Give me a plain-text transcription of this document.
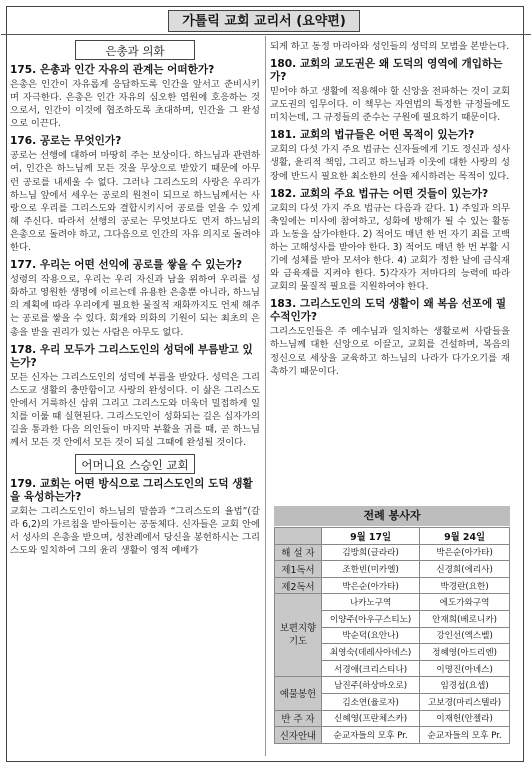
가톨릭 교회 교리서 (요약편)
은총과 의화
175. 은총과 인간 자유의 관계는 어떠한가?

은총은 인간이 자유롭게 응답하도록 인간을 앞서고 준비시키며 자극한다. 은총은 인간 자유의 심오한 염원에 호응하는 것으로서, 인간이 이것에 협조하도록 초대하며, 인간을 그 완성으로 이끈다.

176. 공로는 무엇인가?

공로는 선행에 대하여 마땅히 주는 보상이다. 하느님과 관련하여, 인간은 하느님께 모든 것을 무상으로 받았기 때문에 아무런 공로를 내세울 수 없다. 그러나 그리스도의 사랑은 우리가 하느님 앞에서 세우는 공로의 원천이 되므로 하느님께서는 사랑으로 우리를 그리스도와 결합시키시어 공로를 얻을 수 있게 해 주신다. 따라서 선행의 공로는 무엇보다도 먼저 하느님의 은총으로 돌려야 하고, 그다음으로 인간의 자유 의지로 돌려야 한다.

177. 우리는 어떤 선익에 공로를 쌓을 수 있는가?

성령의 작용으로, 우리는 우리 자신과 남을 위하여 우리를 성화하고 영원한 생명에 이르는데 유용한 은총뿐 아니라, 하느님의 계획에 따라 우리에게 필요한 물질적 재화까지도 언제 해주는 공로를 쌓을 수 있다. 회개와 의화의 기원이 되는 최초의 은총을 받을 권리가 있는 사람은 아무도 없다.

178. 우리 모두가 그리스도인의 성덕에 부름받고 있는가?

모든 신자는 그리스도인의 성덕에 부름을 받았다. 성덕은 그리스도교 생활의 충만함이고 사랑의 완성이다. 이 삶은 그리스도 안에서 거룩하신 삼위 그리고 그리스도와 더욱더 밀접하게 일치를 이룰 때 실현된다. 그리스도인이 성화되는 길은 십자가의 길을 통과한 다음 의인들이 마지막 부활을 귀를 때, 곧 하느님께서 모든 것 안에서 모든 것이 되실 그때에 완성될 것이다.

어머니요 스승인 교회
179. 교회는 어떤 방식으로 그리스도인의 도덕 생활을 육성하는가?

교회는 그리스도인이 하느님의 말씀과 “그리스도의 율법”(갈라 6,2)의 가르침을 받아들이는 공동체다. 신자들은 교회 안에서 성사의 은총을 받으며, 성찬례에서 당신을 봉헌하시는 그리스도와 일치하여 그의 윤리 생활이 영적 예배가

되게 하고 동정 마리아와 성인들의 성덕의 모범을 본받는다.

180. 교회의 교도권은 왜 도덕의 영역에 개입하는가?

믿어야 하고 생활에 적용해야 할 신앙을 전파하는 것이 교회 교도권의 임무이다. 이 책무는 자연법의 특정한 규정들에도 미치는데, 그 규정들의 준수는 구원에 필요하기 때문이다.

181. 교회의 법규들은 어떤 목적이 있는가?

교회의 다섯 가지 주요 법규는 신자들에게 기도 정신과 성사 생활, 윤리적 책임, 그리고 하느님과 이웃에 대한 사랑의 성장에 반드시 필요한 최소한의 선을 제시하려는 목적이 있다.

182. 교회의 주요 법규는 어떤 것들이 있는가?

교회의 다섯 가지 주요 법규는 다음과 같다. 1) 주일과 의무 축일에는 미사에 참여하고, 성화에 방해가 될 수 있는 활동과 노동을 삼가야한다. 2) 적어도 매년 한 번 자기 죄를 고백하는 고해성사를 받아야 한다. 3) 적어도 매년 한 번 부활 시기에 성체를 받아 모셔야 한다. 4) 교회가 정한 날에 금식재와 금육재를 지켜야 한다. 5)각자가 저마다의 능력에 따라 교회의 물질적 필요를 지원하여야 한다.

183. 그리스도인의 도덕 생활이 왜 복음 선포에 필수적인가?

그리스도인들은 주 예수님과 일치하는 생활로써 사람들을 하느님께 대한 신앙으로 이끌고, 교회를 건설하며, 복음의 정신으로 세상을 교육하고 하느님의 나라가 다가오기를 재촉하기 때문이다.

전례 봉사자
	9월 17일	9월 24일
해 설 자	김방희(글라라)	박은순(아가타)
제1독서	조한빈(미카엘)	신경희(에리사)
제2독서	박은순(아가타)	박경란(요한)
보편지향기도	나카노구역	에도가와구역
	이양주(아우구스티노)	안재희(베로니카)
	박순덕(요안나)	강인선(엑스벨)
	최영숙(데레사아녜스)	정혜영(아드리엔)
	서경애(크리스티나)	이명진(아녜스)
예물봉헌	남진주(하상바오로)	임경섭(요셉)
	김소연(율로자)	고보경(마리스텔라)
반 주 자	신혜영(프란체스카)	이재헌(안젤라)
신자안내	순교자들의 모후 Pr.	순교자들의 모후 Pr.
